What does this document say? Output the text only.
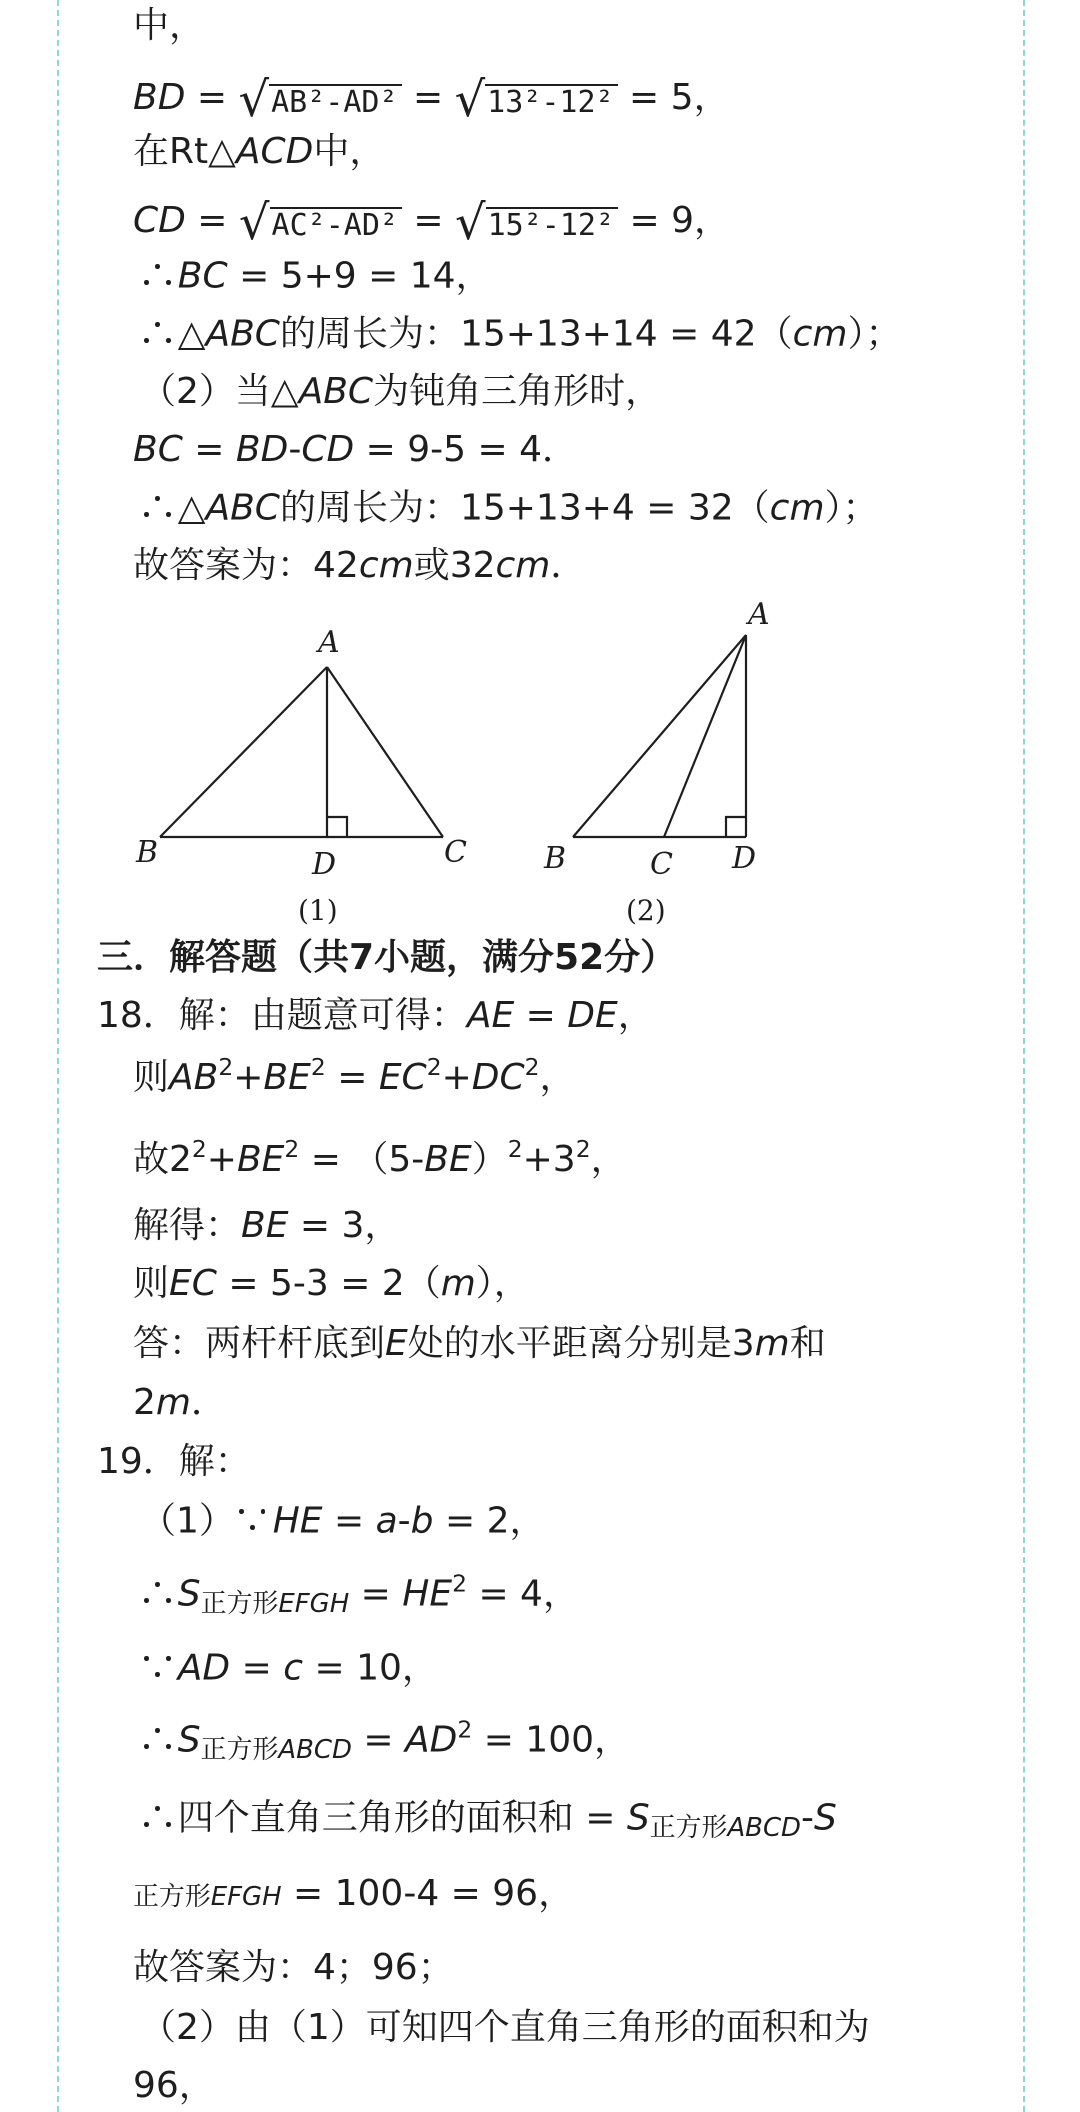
中，
BD = √AB²-AD² = √13²-12² = 5，
在Rt△ACD中，
CD = √AC²-AD² = √15²-12² = 9，
BC = 5+9 = 14，
△ABC的周长为：15+13+14 = 42（cm）；
（2）当△ABC为钝角三角形时，
BC = BD-CD = 9-5 = 4．
△ABC的周长为：15+13+4 = 32（cm）；
故答案为：42cm或32cm．
A
B	C
D
A
B	C D
(1)	(2)
三．解答题（共7小题，满分52分）
18．解：由题意可得：AE = DE，
则$AB^2+BE^2 = EC^2+DC^2$，
故$2^2+BE^2 = (5-BE)^2+3^2$，
解得：BE = 3，
则EC = 5-3 = 2（m），
答：两杆杆底到E处的水平距离分别是3m和
2m．
19．解：
（1） HE = a-b = 2，
$S_{正方形EFGH} = HE^2 = 4$，
AD = c = 10，
$S_{正方形ABCD} = AD^2 = 100$，
四个直角三角形的面积和 = $S_{正方形ABCD}-S$
正方形EFGH = 100-4 = 96，
故答案为：4；96；
（2）由（1）可知四个直角三角形的面积和为
96，
